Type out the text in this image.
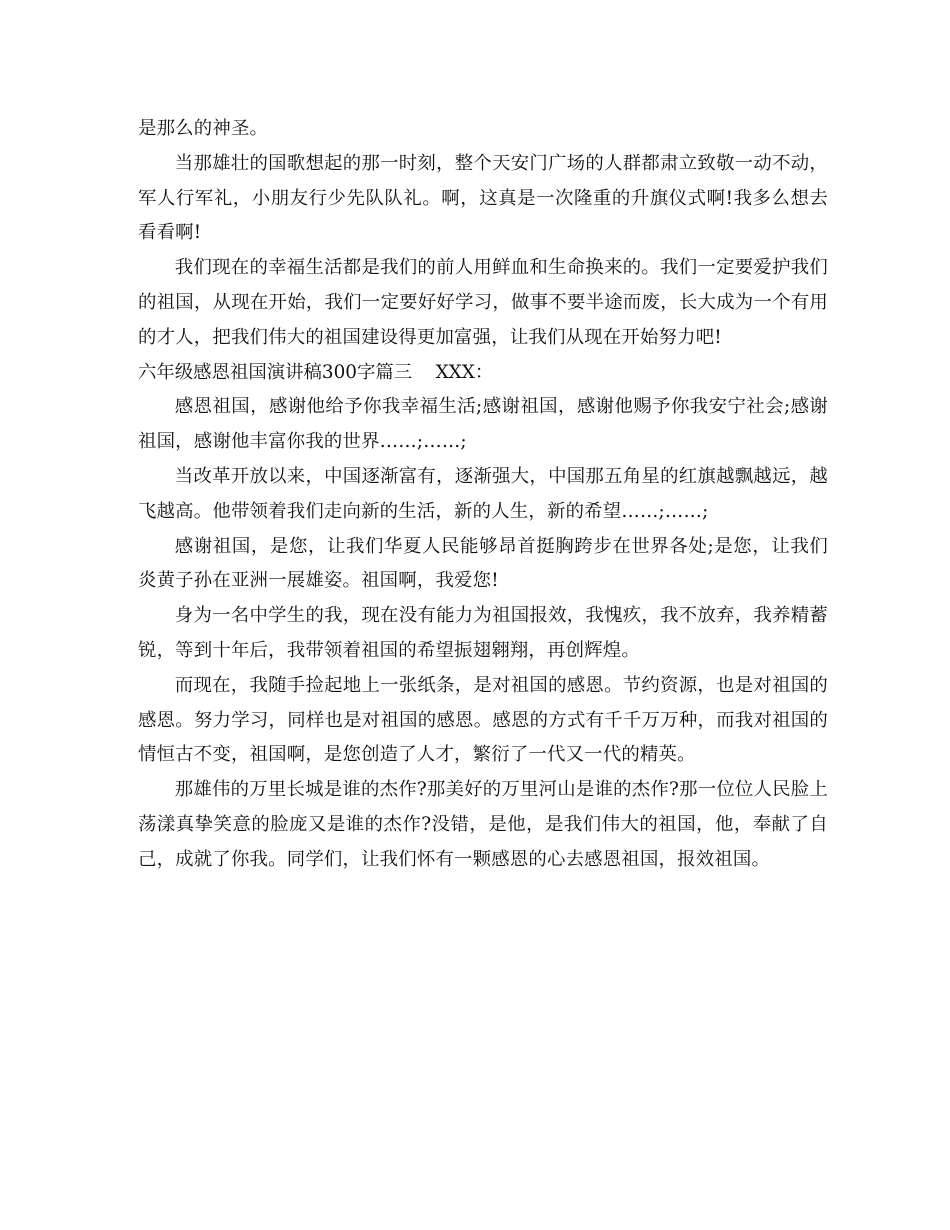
是那么的神圣。

当那雄壮的国歌想起的那一时刻，整个天安门广场的人群都肃立致敬一动不动，军人行军礼，小朋友行少先队队礼。啊，这真是一次隆重的升旗仪式啊!我多么想去看看啊!

我们现在的幸福生活都是我们的前人用鲜血和生命换来的。我们一定要爱护我们的祖国，从现在开始，我们一定要好好学习，做事不要半途而废，长大成为一个有用的才人，把我们伟大的祖国建设得更加富强，让我们从现在开始努力吧!

六年级感恩祖国演讲稿300字篇三    XXX：

感恩祖国，感谢他给予你我幸福生活;感谢祖国，感谢他赐予你我安宁社会;感谢祖国，感谢他丰富你我的世界……;……;

当改革开放以来，中国逐渐富有，逐渐强大，中国那五角星的红旗越飘越远，越飞越高。他带领着我们走向新的生活，新的人生，新的希望……;……;

感谢祖国，是您，让我们华夏人民能够昂首挺胸跨步在世界各处;是您，让我们炎黄子孙在亚洲一展雄姿。祖国啊，我爱您!

身为一名中学生的我，现在没有能力为祖国报效，我愧疚，我不放弃，我养精蓄锐，等到十年后，我带领着祖国的希望振翅翱翔，再创辉煌。

而现在，我随手捡起地上一张纸条，是对祖国的感恩。节约资源，也是对祖国的感恩。努力学习，同样也是对祖国的感恩。感恩的方式有千千万万种，而我对祖国的情恒古不变，祖国啊，是您创造了人才，繁衍了一代又一代的精英。

那雄伟的万里长城是谁的杰作?那美好的万里河山是谁的杰作?那一位位人民脸上荡漾真挚笑意的脸庞又是谁的杰作?没错，是他，是我们伟大的祖国，他，奉献了自己，成就了你我。同学们，让我们怀有一颗感恩的心去感恩祖国，报效祖国。
